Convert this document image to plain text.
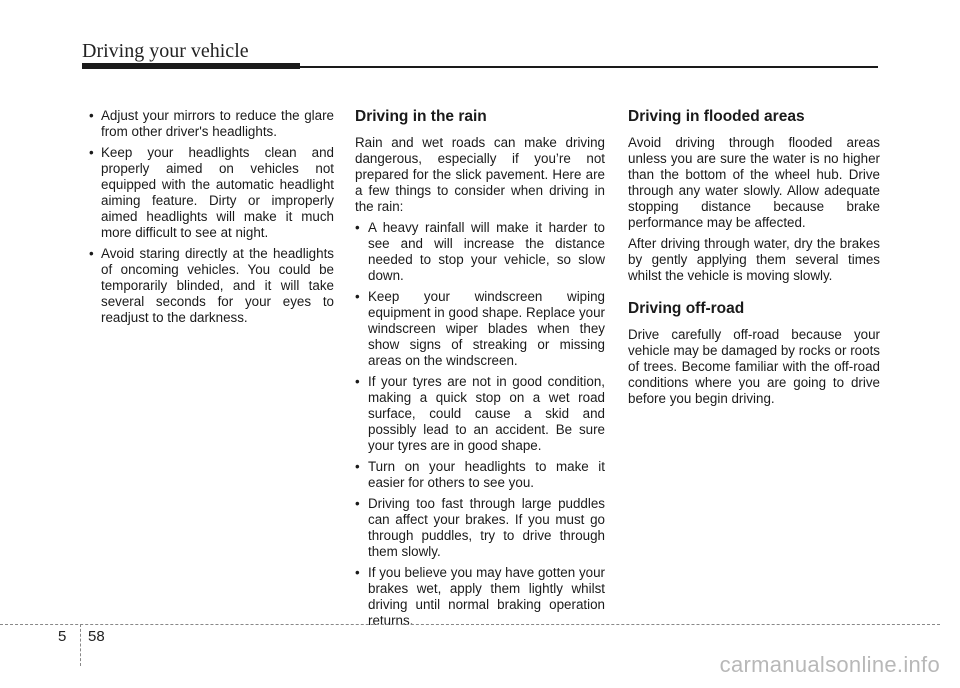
Driving your vehicle
• Adjust your mirrors to reduce the glare from other driver's headlights.
• Keep your headlights clean and properly aimed on vehicles not equipped with the automatic headlight aiming feature. Dirty or improperly aimed headlights will make it much more difficult to see at night.
• Avoid staring directly at the headlights of oncoming vehicles. You could be temporarily blinded, and it will take several seconds for your eyes to readjust to the darkness.
Driving in the rain

Rain and wet roads can make driving dangerous, especially if you’re not prepared for the slick pavement. Here are a few things to consider when driving in the rain:

• A heavy rainfall will make it harder to see and will increase the distance needed to stop your vehicle, so slow down.
• Keep your windscreen wiping equipment in good shape. Replace your windscreen wiper blades when they show signs of streaking or missing areas on the windscreen.
• If your tyres are not in good condition, making a quick stop on a wet road surface, could cause a skid and possibly lead to an accident. Be sure your tyres are in good shape.
• Turn on your headlights to make it easier for others to see you.
• Driving too fast through large puddles can affect your brakes. If you must go through puddles, try to drive through them slowly.
• If you believe you may have gotten your brakes wet, apply them lightly whilst driving until normal braking operation returns.
Driving in flooded areas

Avoid driving through flooded areas unless you are sure the water is no higher than the bottom of the wheel hub. Drive through any water slowly. Allow adequate stopping distance because brake performance may be affected.

After driving through water, dry the brakes by gently applying them several times whilst the vehicle is moving slowly.

Driving off-road

Drive carefully off-road because your vehicle may be damaged by rocks or roots of trees. Become familiar with the off-road conditions where you are going to drive before you begin driving.

5 58
carmanualsonline.info
